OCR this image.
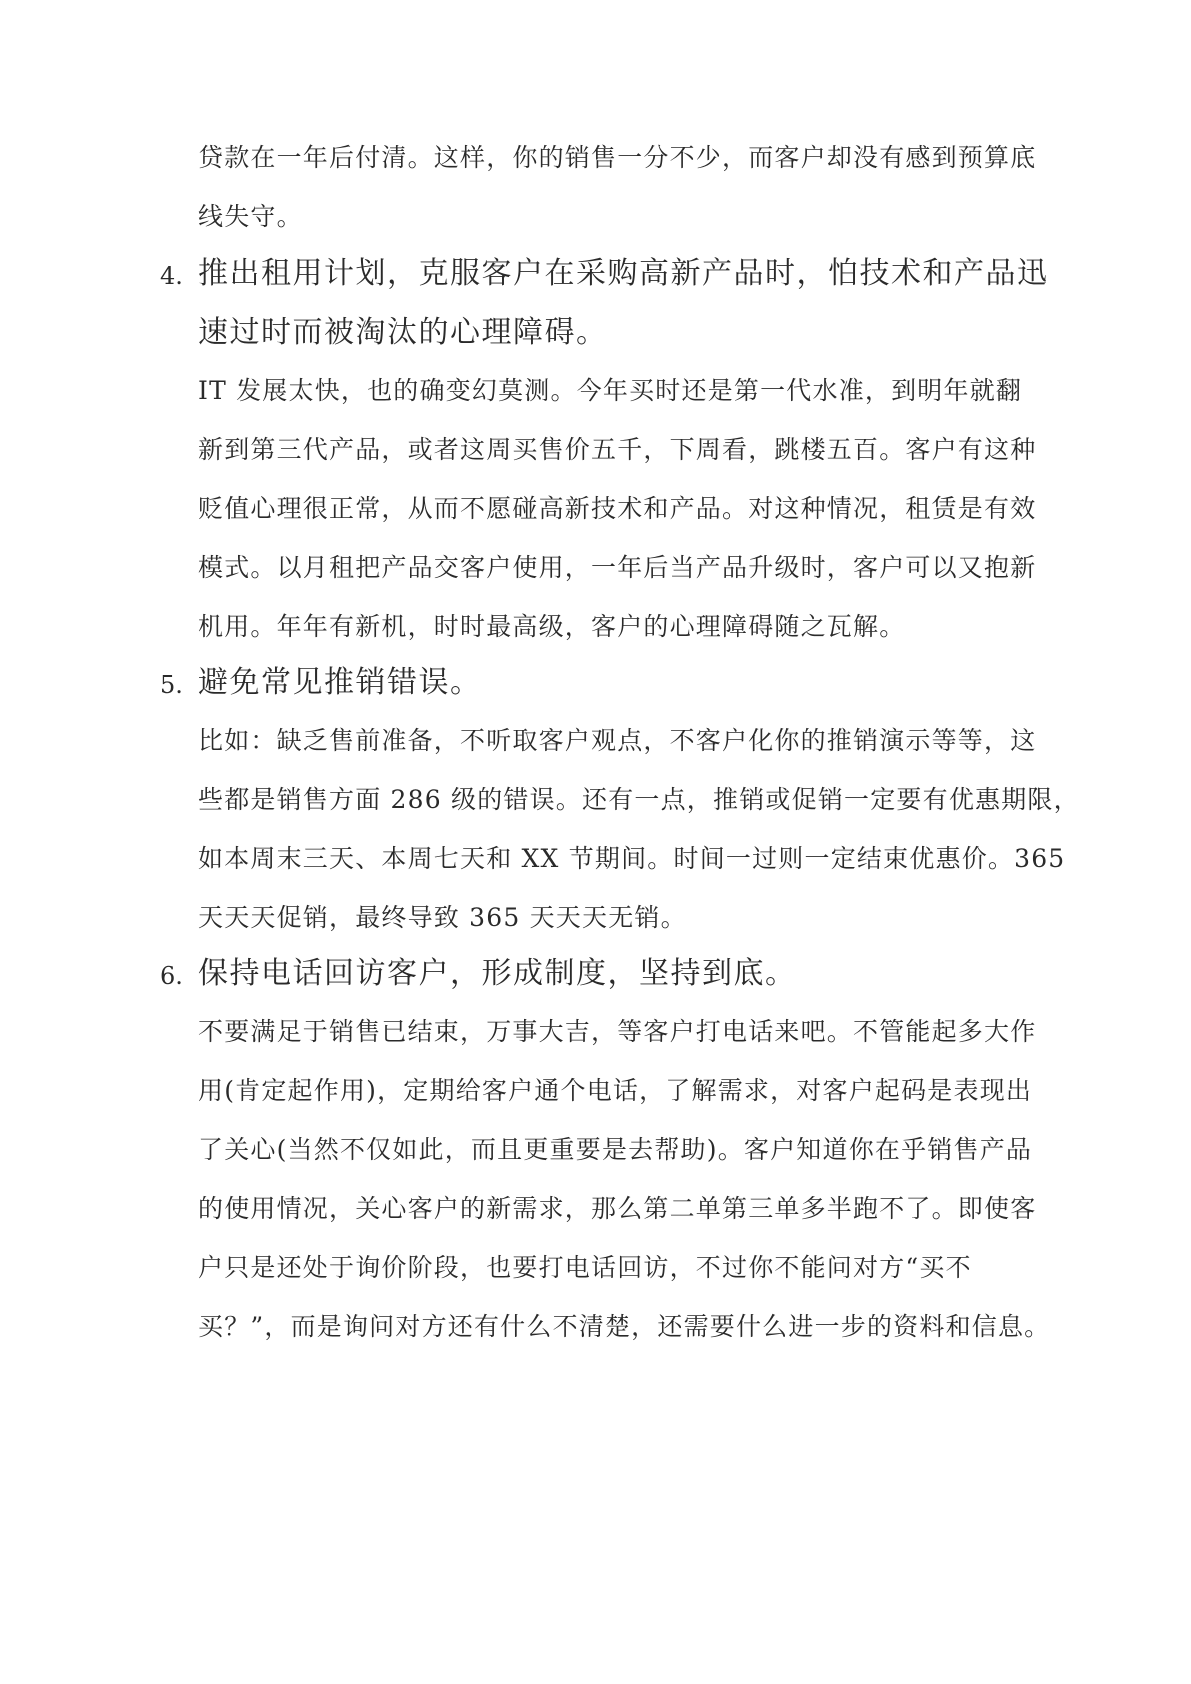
贷款在一年后付清。这样，你的销售一分不少，而客户却没有感到预算底
线失守。
4. 推出租用计划，克服客户在采购高新产品时，怕技术和产品迅
速过时而被淘汰的心理障碍。
IT 发展太快，也的确变幻莫测。今年买时还是第一代水准，到明年就翻
新到第三代产品，或者这周买售价五千，下周看，跳楼五百。客户有这种
贬值心理很正常，从而不愿碰高新技术和产品。对这种情况，租赁是有效
模式。以月租把产品交客户使用，一年后当产品升级时，客户可以又抱新
机用。年年有新机，时时最高级，客户的心理障碍随之瓦解。
5. 避免常见推销错误。
比如：缺乏售前准备，不听取客户观点，不客户化你的推销演示等等，这
些都是销售方面 286 级的错误。还有一点，推销或促销一定要有优惠期限，
如本周末三天、本周七天和 XX 节期间。时间一过则一定结束优惠价。365
天天天促销，最终导致 365 天天天无销。
6. 保持电话回访客户，形成制度，坚持到底。
不要满足于销售已结束，万事大吉，等客户打电话来吧。不管能起多大作
用(肯定起作用)，定期给客户通个电话，了解需求，对客户起码是表现出
了关心(当然不仅如此，而且更重要是去帮助)。客户知道你在乎销售产品
的使用情况，关心客户的新需求，那么第二单第三单多半跑不了。即使客
户只是还处于询价阶段，也要打电话回访，不过你不能问对方“买不
买？”，而是询问对方还有什么不清楚，还需要什么进一步的资料和信息。
